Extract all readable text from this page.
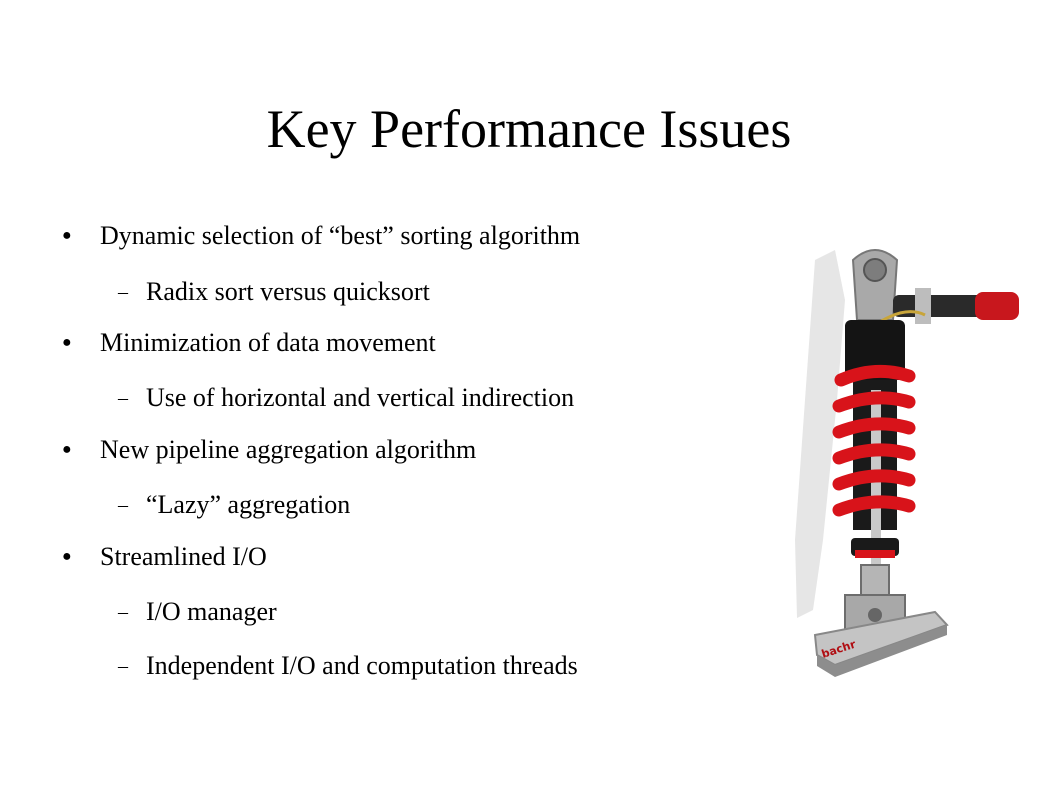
Key Performance Issues
●	Dynamic selection of “best” sorting algorithm
– Radix sort versus quicksort
●	Minimization of data movement
– Use of horizontal and vertical indirection
●	New pipeline aggregation algorithm
– “Lazy” aggregation
●	Streamlined I/O
– I/O manager
– Independent I/O and computation threads
bachr
